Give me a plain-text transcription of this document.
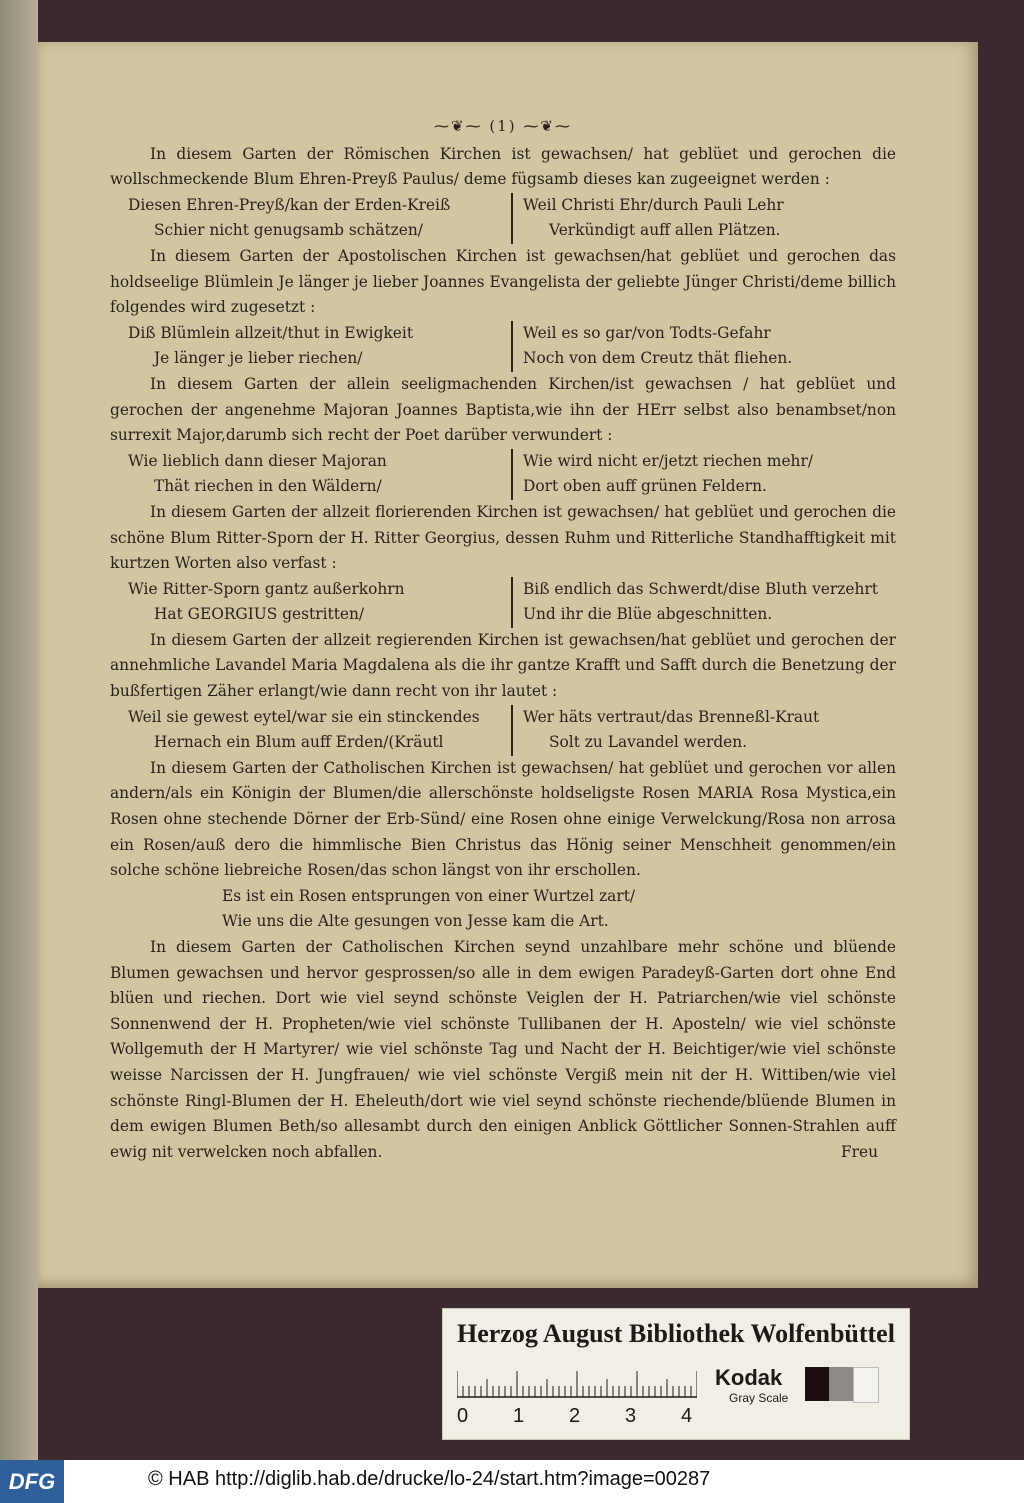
⁓❦⁓ (1) ⁓❦⁓

In diesem Garten der Römischen Kirchen ist gewachsen/ hat geblüet und gerochen die wollschmeckende Blum Ehren-Preyß Paulus/ deme fügsamb dieses kan zugeeignet werden :

Diesen Ehren-Preyß/kan der Erden-Kreiß
Schier nicht genugsamb schätzen/
Weil Christi Ehr/durch Pauli Lehr
Verkündigt auff allen Plätzen.

In diesem Garten der Apostolischen Kirchen ist gewachsen/hat geblüet und gerochen das holdseelige Blümlein Je länger je lieber Joannes Evangelista der geliebte Jünger Christi/deme billich folgendes wird zugesetzt :

Diß Blümlein allzeit/thut in Ewigkeit
Je länger je lieber riechen/
Weil es so gar/von Todts-Gefahr
Noch von dem Creutz thät fliehen.

In diesem Garten der allein seeligmachenden Kirchen/ist gewachsen / hat geblüet und gerochen der angenehme Majoran Joannes Baptista,wie ihn der HErr selbst also benambset/non surrexit Major,darumb sich recht der Poet darüber verwundert :

Wie lieblich dann dieser Majoran
Thät riechen in den Wäldern/
Wie wird nicht er/jetzt riechen mehr/
Dort oben auff grünen Feldern.

In diesem Garten der allzeit florierenden Kirchen ist gewachsen/ hat geblüet und gerochen die schöne Blum Ritter-Sporn der H. Ritter Georgius, dessen Ruhm und Ritterliche Standhafftigkeit mit kurtzen Worten also verfast :

Wie Ritter-Sporn gantz außerkohrn
Hat GEORGIUS gestritten/
Biß endlich das Schwerdt/dise Bluth verzehrt
Und ihr die Blüe abgeschnitten.

In diesem Garten der allzeit regierenden Kirchen ist gewachsen/hat geblüet und gerochen der annehmliche Lavandel Maria Magdalena als die ihr gantze Krafft und Safft durch die Benetzung der bußfertigen Zäher erlangt/wie dann recht von ihr lautet :

Weil sie gewest eytel/war sie ein stinckendes
Hernach ein Blum auff Erden/(Kräutl
Wer häts vertraut/das Brenneßl-Kraut
Solt zu Lavandel werden.

In diesem Garten der Catholischen Kirchen ist gewachsen/ hat geblüet und gerochen vor allen andern/als ein Königin der Blumen/die allerschönste holdseligste Rosen MARIA Rosa Mystica,ein Rosen ohne stechende Dörner der Erb-Sünd/ eine Rosen ohne einige Verwelckung/Rosa non arrosa ein Rosen/auß dero die himmlische Bien Christus das Hönig seiner Menschheit genommen/ein solche schöne liebreiche Rosen/das schon längst von ihr erschollen.

Es ist ein Rosen entsprungen von einer Wurtzel zart/
Wie uns die Alte gesungen von Jesse kam die Art.

In diesem Garten der Catholischen Kirchen seynd unzahlbare mehr schöne und blüende Blumen gewachsen und hervor gesprossen/so alle in dem ewigen Paradeyß-Garten dort ohne End blüen und riechen. Dort wie viel seynd schönste Veiglen der H. Patriarchen/wie viel schönste Sonnenwend der H. Propheten/wie viel schönste Tullibanen der H. Aposteln/ wie viel schönste Wollgemuth der H Martyrer/ wie viel schönste Tag und Nacht der H. Beichtiger/wie viel schönste weisse Narcissen der H. Jungfrauen/ wie viel schönste Vergiß mein nit der H. Wittiben/wie viel schönste Ringl-Blumen der H. Eheleuth/dort wie viel seynd schönste riechende/blüende Blumen in dem ewigen Blumen Beth/so allesambt durch den einigen Anblick Göttlicher Sonnen-Strahlen auff ewig nit verwelcken noch abfallen.	Freu
Herzog August Bibliothek Wolfenbüttel
0 1 2 3 4
Kodak
Gray Scale
DFG	© HAB http://diglib.hab.de/drucke/lo-24/start.htm?image=00287
